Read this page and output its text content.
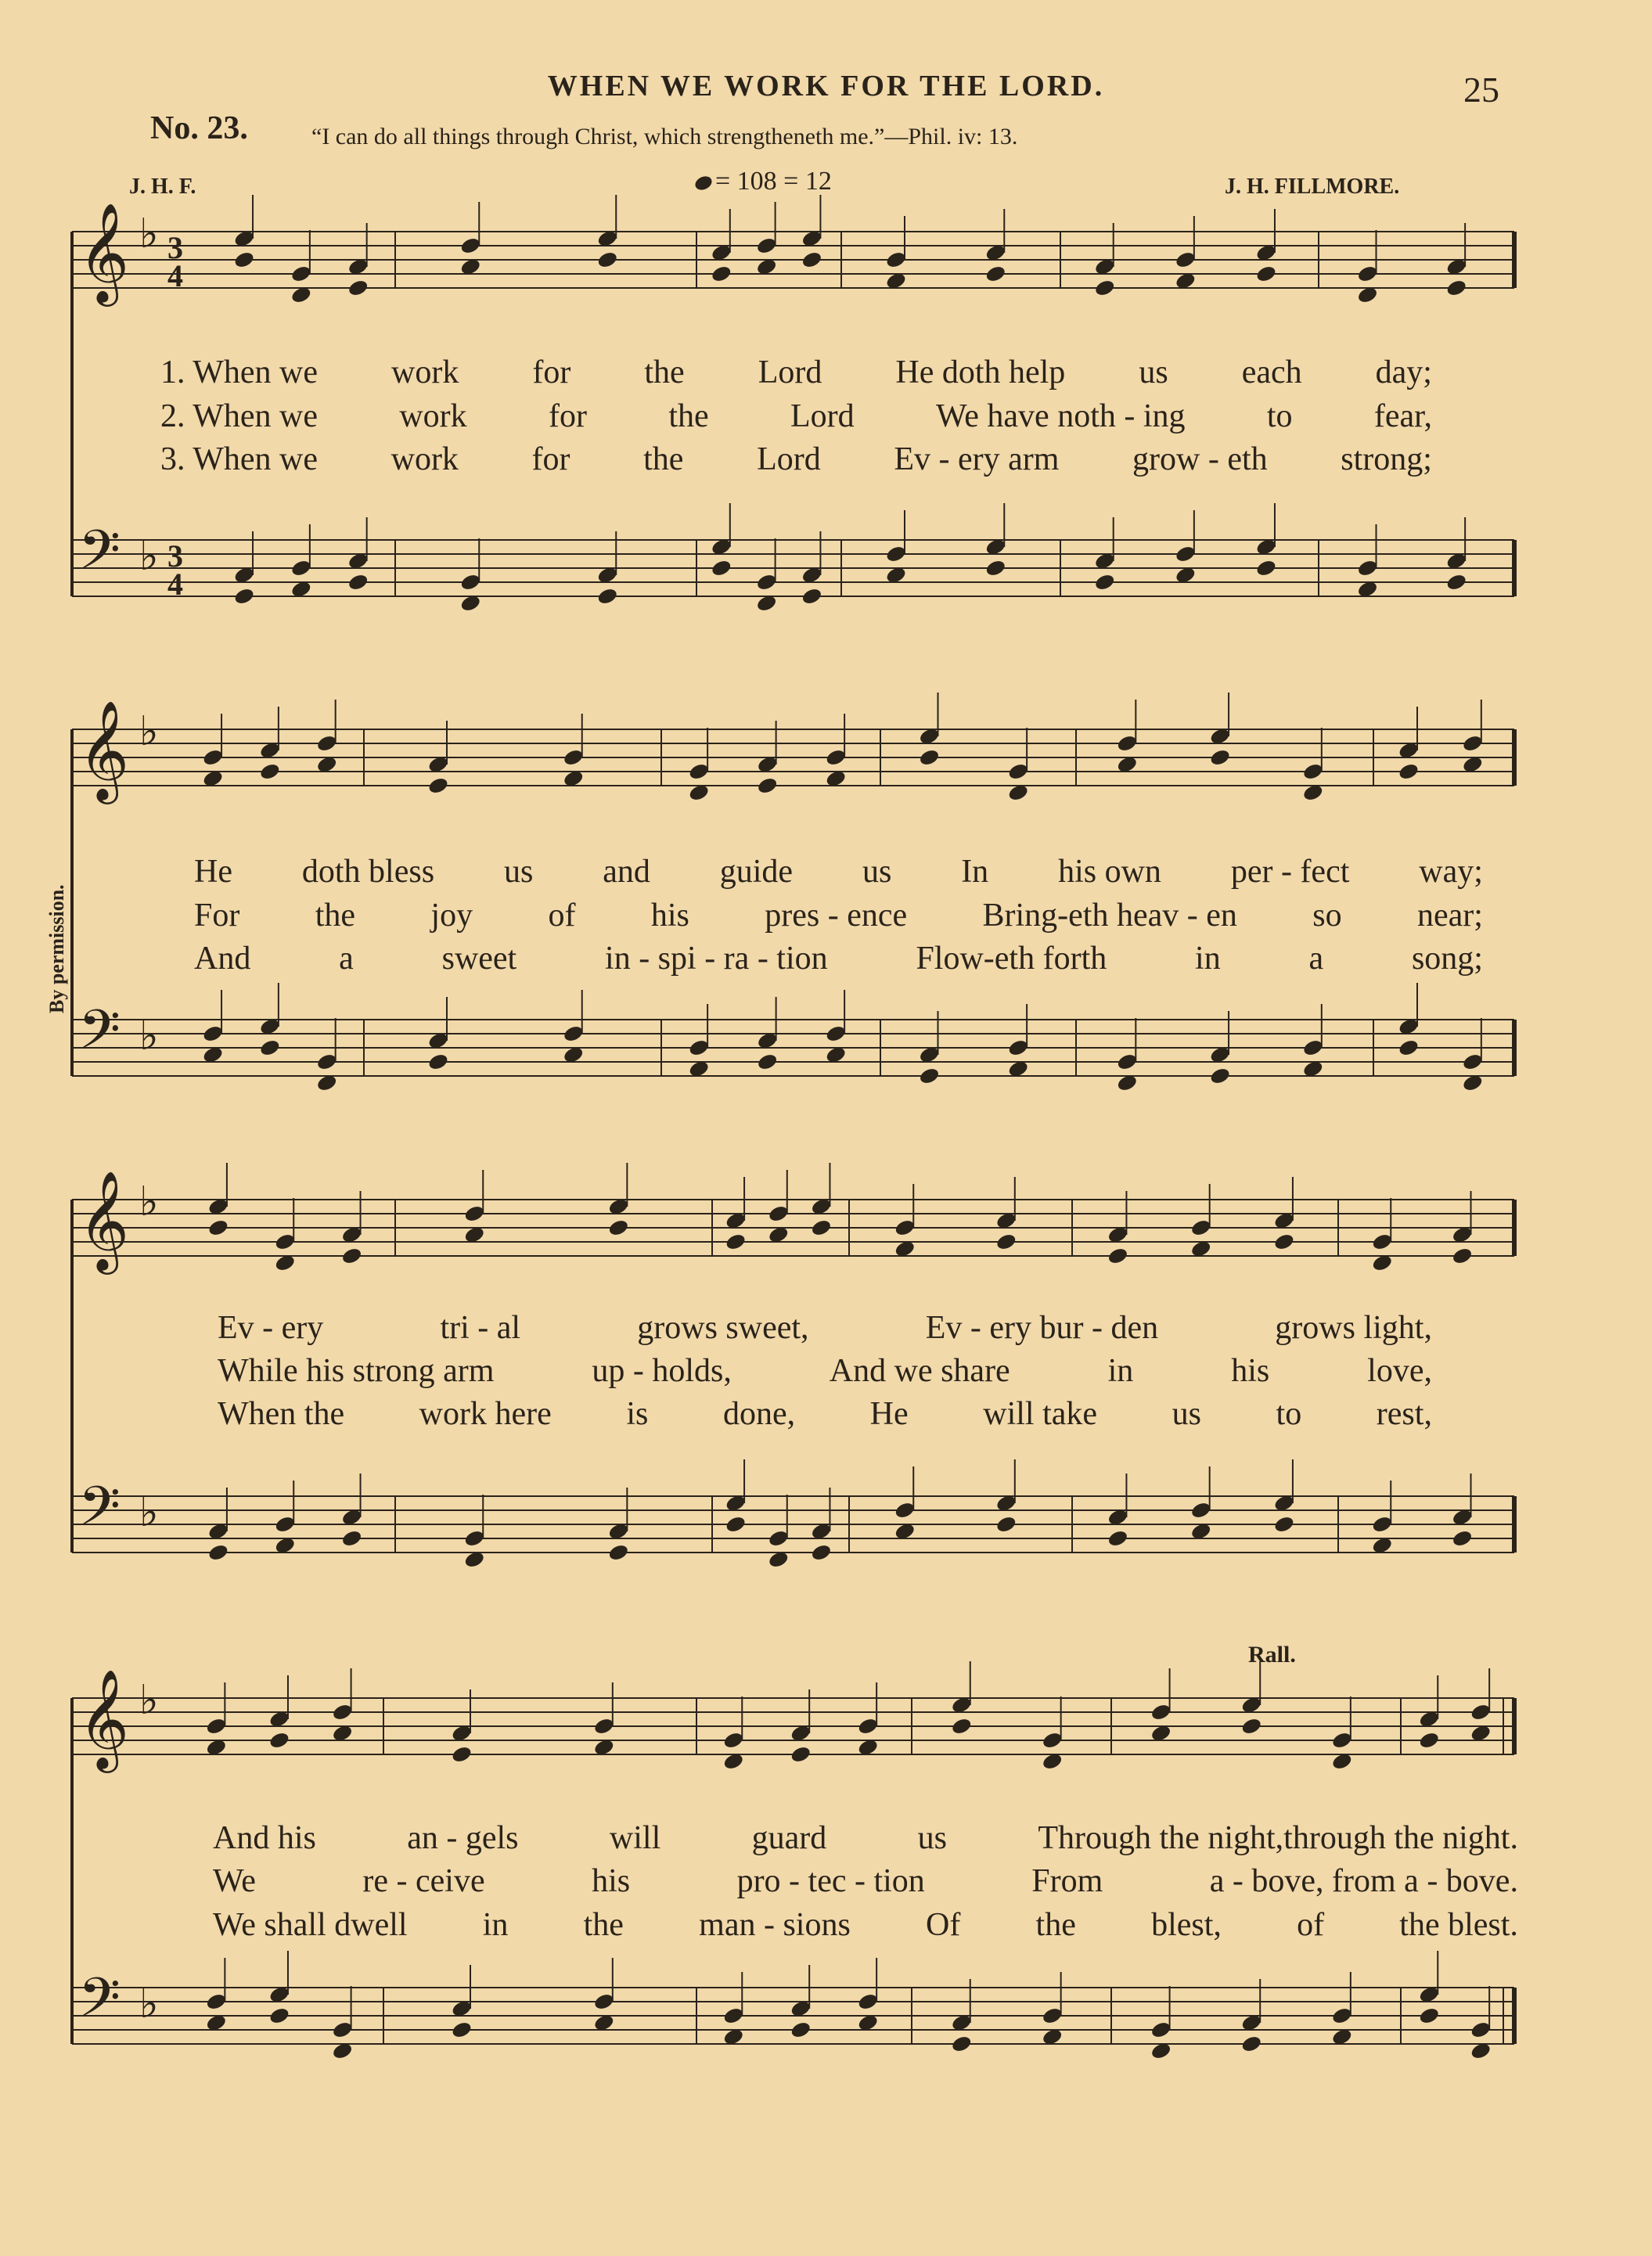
WHEN WE WORK FOR THE LORD.	25
No. 23.	“I can do all things through Christ, which strengtheneth me.”—Phil. iv: 13.
J. H. F.	= 108 = 12	J. H. FILLMORE.
By permission.
Rall.
𝄞 ♭ 3
4
𝄢 ♭ 3
4
𝄞 ♭
𝄢 ♭
𝄞 ♭
𝄢 ♭
𝄞 ♭
𝄢 ♭
1. When we work for the Lord He doth help us each day;
2. When we work for the Lord We have noth - ing to fear,
3. When we work for the Lord Ev - ery arm grow - eth strong;
He doth bless us and guide us In his own per - fect way;
For the joy of his pres - ence Bring-eth heav - en so near;
And	a	sweet	in - spi - ra - tion	Flow-eth forth	in	a	song;
Ev - ery	tri - al	grows sweet,	Ev - ery bur - den	grows light,
While his strong arm	up - holds,	And we share	in	his	love,
When the work here is done, He will take us to rest,
And his	an - gels	will	guard	us	Through the night,through the night.
We	re - ceive	his	pro - tec - tion	From	a - bove, from a - bove.
We shall dwell in the man - sions Of the blest, of the blest.
